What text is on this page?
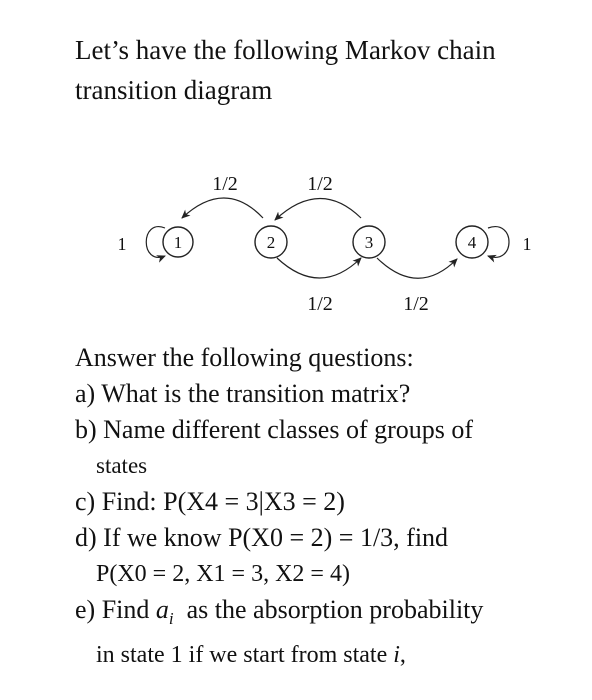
Let’s have the following Markov chain
transition diagram
1	2	3	4
1	1
1/2	1/2
1/2	1/2
Answer the following questions:
a) What is the transition matrix?
b) Name different classes of groups of
states
c) Find: P(X4 = 3|X3 = 2)
d) If we know P(X0 = 2) = 1/3, find
P(X0 = 2, X1 = 3, X2 = 4)
e) Find $a_i$  as the absorption probability
in state 1 if we start from state i,
